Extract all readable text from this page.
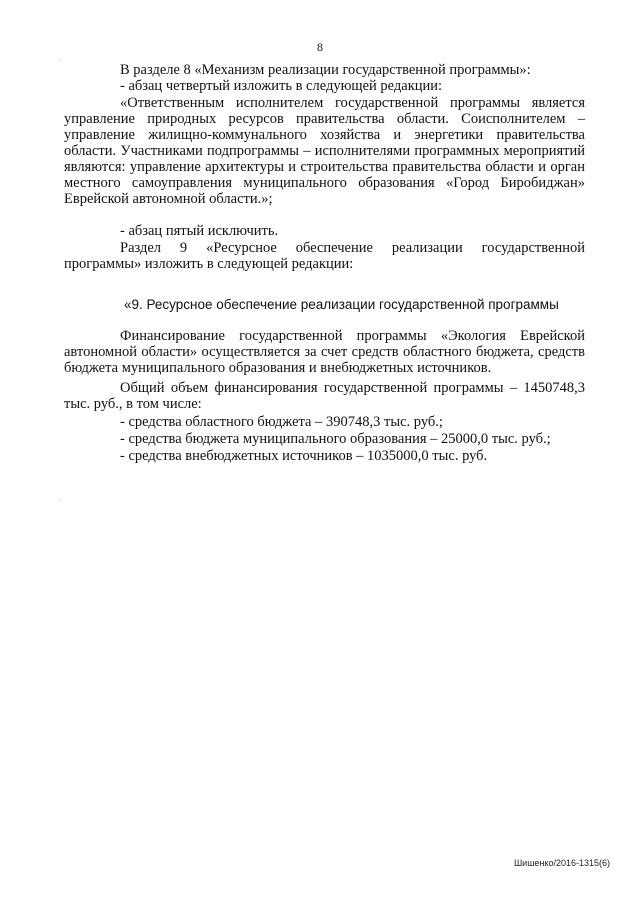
8
В разделе 8 «Механизм реализации государственной программы»:
- абзац четвертый изложить в следующей редакции:
«Ответственным исполнителем государственной программы является управление природных ресурсов правительства области. Соисполнителем – управление жилищно-коммунального хозяйства и энергетики правительства области. Участниками подпрограммы – исполнителями программных мероприятий являются: управление архитектуры и строительства правительства области и орган местного самоуправления муниципального образования «Город Биробиджан» Еврейской автономной области.»;
- абзац пятый исключить.
Раздел 9 «Ресурсное обеспечение реализации государственной программы» изложить в следующей редакции:
«9. Ресурсное обеспечение реализации государственной программы
Финансирование государственной программы «Экология Еврейской автономной области» осуществляется за счет средств областного бюджета, средств бюджета муниципального образования и внебюджетных источников.
Общий объем финансирования государственной программы – 1450748,3 тыс. руб., в том числе:
- средства областного бюджета – 390748,3 тыс. руб.;
- средства бюджета муниципального образования – 25000,0 тыс. руб.;
- средства внебюджетных источников – 1035000,0 тыс. руб.
Шишенко/2016-1315(6)
